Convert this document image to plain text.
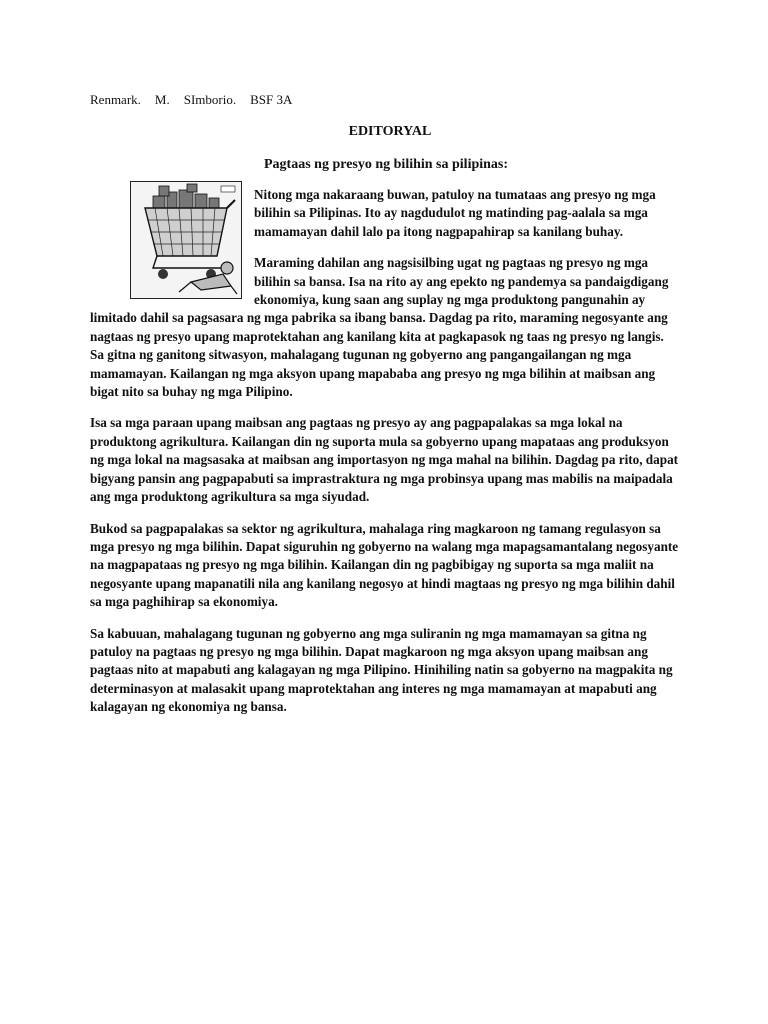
Renmark. M. SImborio. BSF 3A
EDITORYAL
Pagtaas ng presyo ng bilihin sa pilipinas:

Nitong mga nakaraang buwan, patuloy na tumataas ang presyo ng mga bilihin sa Pilipinas. Ito ay nagdudulot ng matinding pag-aalala sa mga mamamayan dahil lalo pa itong nagpapahirap sa kanilang buhay.

Maraming dahilan ang nagsisilbing ugat ng pagtaas ng presyo ng mga bilihin sa bansa. Isa na rito ay ang epekto ng pandemya sa pandaigdigang ekonomiya, kung saan ang suplay ng mga produktong pangunahin ay limitado dahil sa pagsasara ng mga pabrika sa ibang bansa. Dagdag pa rito, maraming negosyante ang nagtaas ng presyo upang maprotektahan ang kanilang kita at pagkapasok ng taas ng presyo ng langis. Sa gitna ng ganitong sitwasyon, mahalagang tugunan ng gobyerno ang pangangailangan ng mga mamamayan. Kailangan ng mga aksyon upang mapababa ang presyo ng mga bilihin at maibsan ang bigat nito sa buhay ng mga Pilipino.

Isa sa mga paraan upang maibsan ang pagtaas ng presyo ay ang pagpapalakas sa mga lokal na produktong agrikultura. Kailangan din ng suporta mula sa gobyerno upang mapataas ang produksyon ng mga lokal na magsasaka at maibsan ang importasyon ng mga mahal na bilihin. Dagdag pa rito, dapat bigyang pansin ang pagpapabuti sa imprastraktura ng mga probinsya upang mas mabilis na maipadala ang mga produktong agrikultura sa mga siyudad.

Bukod sa pagpapalakas sa sektor ng agrikultura, mahalaga ring magkaroon ng tamang regulasyon sa mga presyo ng mga bilihin. Dapat siguruhin ng gobyerno na walang mga mapagsamantalang negosyante na magpapataas ng presyo ng mga bilihin. Kailangan din ng pagbibigay ng suporta sa mga maliit na negosyante upang mapanatili nila ang kanilang negosyo at hindi magtaas ng presyo ng mga bilihin dahil sa mga paghihirap sa ekonomiya.

Sa kabuuan, mahalagang tugunan ng gobyerno ang mga suliranin ng mga mamamayan sa gitna ng patuloy na pagtaas ng presyo ng mga bilihin. Dapat magkaroon ng mga aksyon upang maibsan ang pagtaas nito at mapabuti ang kalagayan ng mga Pilipino. Hinihiling natin sa gobyerno na magpakita ng determinasyon at malasakit upang maprotektahan ang interes ng mga mamamayan at mapabuti ang kalagayan ng ekonomiya ng bansa.
